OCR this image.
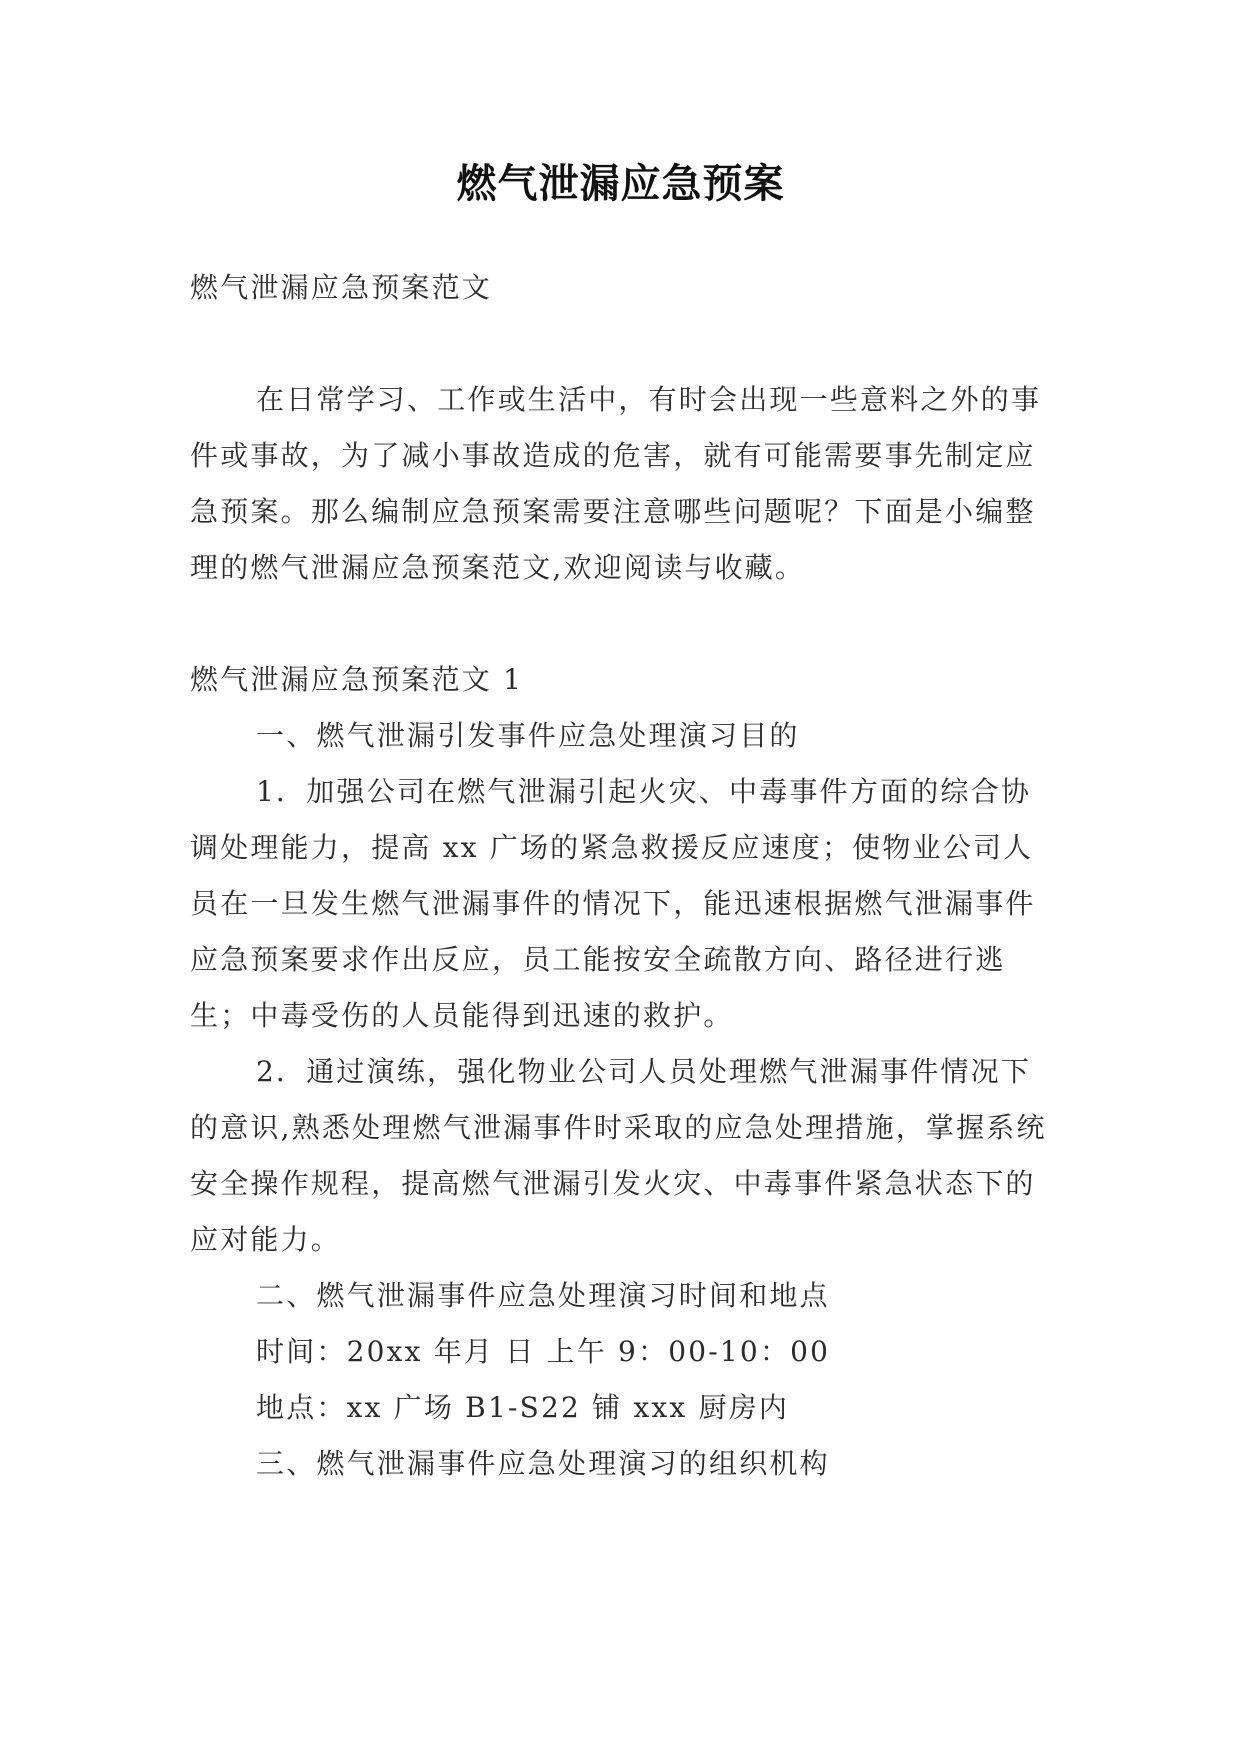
燃气泄漏应急预案

燃气泄漏应急预案范文

在日常学习、工作或生活中，有时会出现一些意料之外的事件或事故，为了减小事故造成的危害，就有可能需要事先制定应急预案。那么编制应急预案需要注意哪些问题呢？下面是小编整理的燃气泄漏应急预案范文,欢迎阅读与收藏。

燃气泄漏应急预案范文 1

一、燃气泄漏引发事件应急处理演习目的

1．加强公司在燃气泄漏引起火灾、中毒事件方面的综合协调处理能力，提高 xx 广场的紧急救援反应速度；使物业公司人员在一旦发生燃气泄漏事件的情况下，能迅速根据燃气泄漏事件应急预案要求作出反应，员工能按安全疏散方向、路径进行逃生；中毒受伤的人员能得到迅速的救护。

2．通过演练，强化物业公司人员处理燃气泄漏事件情况下的意识,熟悉处理燃气泄漏事件时采取的应急处理措施，掌握系统安全操作规程，提高燃气泄漏引发火灾、中毒事件紧急状态下的应对能力。

二、燃气泄漏事件应急处理演习时间和地点

时间：20xx 年月 日 上午 9：00-10：00

地点：xx 广场 B1-S22 铺 xxx 厨房内

三、燃气泄漏事件应急处理演习的组织机构
